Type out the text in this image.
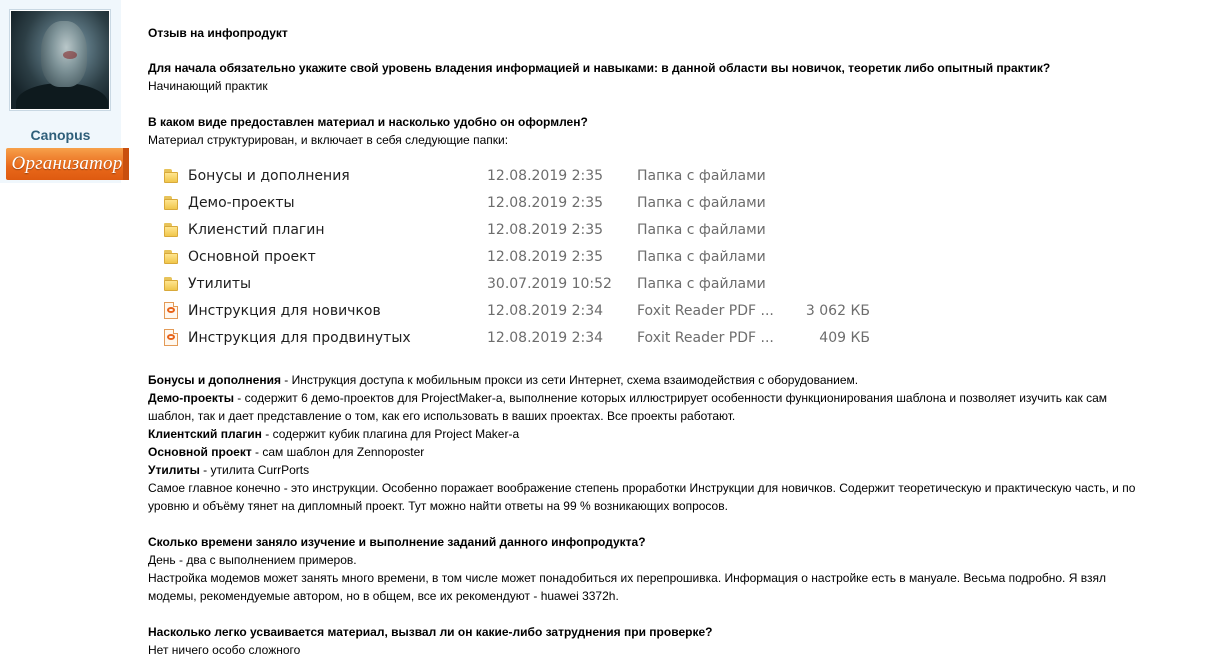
Canopus
Организатор
Отзыв на инфопродукт
Для начала обязательно укажите свой уровень владения информацией и навыками: в данной области вы новичок, теоретик либо опытный практик?
Начинающий практик
В каком виде предоставлен материал и насколько удобно он оформлен?
Материал структурирован, и включает в себя следующие папки:
Бонусы и дополнения	12.08.2019 2:35 Папка с файлами
Демо-проекты	12.08.2019 2:35 Папка с файлами
Клиенстий плагин	12.08.2019 2:35 Папка с файлами
Основной проект	12.08.2019 2:35 Папка с файлами
Утилиты	30.07.2019 10:52 Папка с файлами
Инструкция для новичков	12.08.2019 2:34 Foxit Reader PDF ...	3 062 КБ
Инструкция для продвинутых	12.08.2019 2:34 Foxit Reader PDF ...	409 КБ
Бонусы и дополнения - Инструкция доступа к мобильным прокси из сети Интернет, схема взаимодействия с оборудованием.
Демо-проекты - содержит 6 демо-проектов для ProjectMaker-а, выполнение которых иллюстрирует особенности функционирования шаблона и позволяет изучить как сам
шаблон, так и дает представление о том, как его использовать в ваших проектах. Все проекты работают.
Клиентский плагин - содержит кубик плагина для Project Maker-а
Основной проект - сам шаблон для Zennoposter
Утилиты - утилита CurrPorts
Самое главное конечно - это инструкции. Особенно поражает воображение степень проработки Инструкции для новичков. Содержит теоретическую и практическую часть, и по
уровню и объёму тянет на дипломный проект. Тут можно найти ответы на 99 % возникающих вопросов.
Сколько времени заняло изучение и выполнение заданий данного инфопродукта?
День - два с выполнением примеров.
Настройка модемов может занять много времени, в том числе может понадобиться их перепрошивка. Информация о настройке есть в мануале. Весьма подробно. Я взял
модемы, рекомендуемые автором, но в общем, все их рекомендуют - huawei 3372h.
Насколько легко усваивается материал, вызвал ли он какие-либо затруднения при проверке?
Нет ничего особо сложного
